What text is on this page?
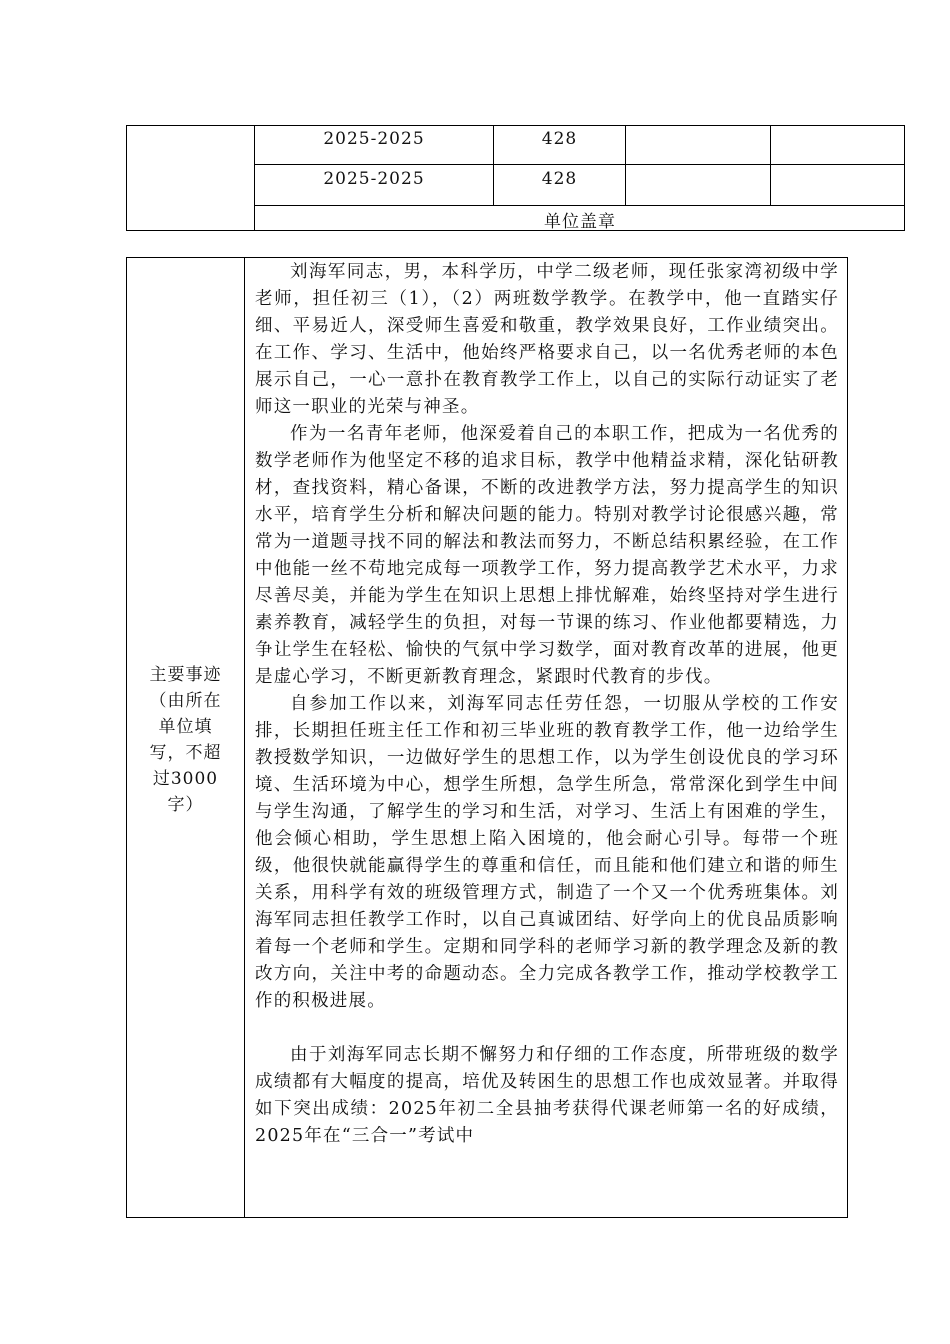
2025-2025	428
2025-2025	428
单位盖章
主要事迹
（由所在
单位填
写，不超
过3000
字）

刘海军同志，男，本科学历，中学二级老师，现任张家湾初级中学老师，担任初三（1），（2）两班数学教学。在教学中，他一直踏实仔细、平易近人，深受师生喜爱和敬重，教学效果良好，工作业绩突出。在工作、学习、生活中，他始终严格要求自己，以一名优秀老师的本色展示自己，一心一意扑在教育教学工作上，以自己的实际行动证实了老师这一职业的光荣与神圣。

作为一名青年老师，他深爱着自己的本职工作，把成为一名优秀的数学老师作为他坚定不移的追求目标，教学中他精益求精，深化钻研教材，查找资料，精心备课，不断的改进教学方法，努力提高学生的知识水平，培育学生分析和解决问题的能力。特别对教学讨论很感兴趣，常常为一道题寻找不同的解法和教法而努力，不断总结积累经验，在工作中他能一丝不苟地完成每一项教学工作，努力提高教学艺术水平，力求尽善尽美，并能为学生在知识上思想上排忧解难，始终坚持对学生进行素养教育，减轻学生的负担，对每一节课的练习、作业他都要精选，力争让学生在轻松、愉快的气氛中学习数学，面对教育改革的进展，他更是虚心学习，不断更新教育理念，紧跟时代教育的步伐。

自参加工作以来，刘海军同志任劳任怨，一切服从学校的工作安排，长期担任班主任工作和初三毕业班的教育教学工作，他一边给学生教授数学知识，一边做好学生的思想工作，以为学生创设优良的学习环境、生活环境为中心，想学生所想，急学生所急，常常深化到学生中间与学生沟通，了解学生的学习和生活，对学习、生活上有困难的学生，他会倾心相助，学生思想上陷入困境的，他会耐心引导。每带一个班级，他很快就能赢得学生的尊重和信任，而且能和他们建立和谐的师生关系，用科学有效的班级管理方式，制造了一个又一个优秀班集体。刘海军同志担任教学工作时，以自己真诚团结、好学向上的优良品质影响着每一个老师和学生。定期和同学科的老师学习新的教学理念及新的教改方向，关注中考的命题动态。全力完成各教学工作，推动学校教学工作的积极进展。

由于刘海军同志长期不懈努力和仔细的工作态度，所带班级的数学成绩都有大幅度的提高，培优及转困生的思想工作也成效显著。并取得如下突出成绩：2025年初二全县抽考获得代课老师第一名的好成绩，2025年在“三合一”考试中
